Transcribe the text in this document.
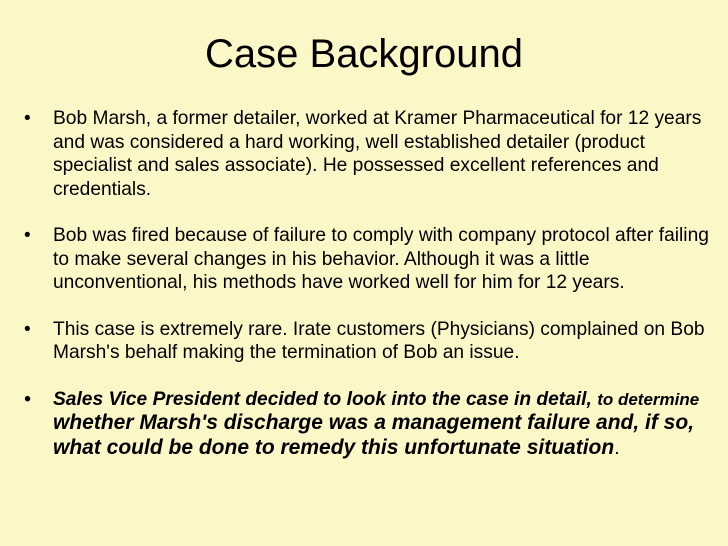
Case Background
• Bob Marsh, a former detailer, worked at Kramer Pharmaceutical for 12 years and was considered a hard working, well established detailer (product specialist and sales associate). He possessed excellent references and credentials.
• Bob was fired because of failure to comply with company protocol after failing to make several changes in his behavior. Although it was a little unconventional, his methods have worked well for him for 12 years.
• This case is extremely rare. Irate customers (Physicians) complained on Bob Marsh's behalf making the termination of Bob an issue.
• Sales Vice President decided to look into the case in detail, to determine whether Marsh's discharge was a management failure and, if so, what could be done to remedy this unfortunate situation.
